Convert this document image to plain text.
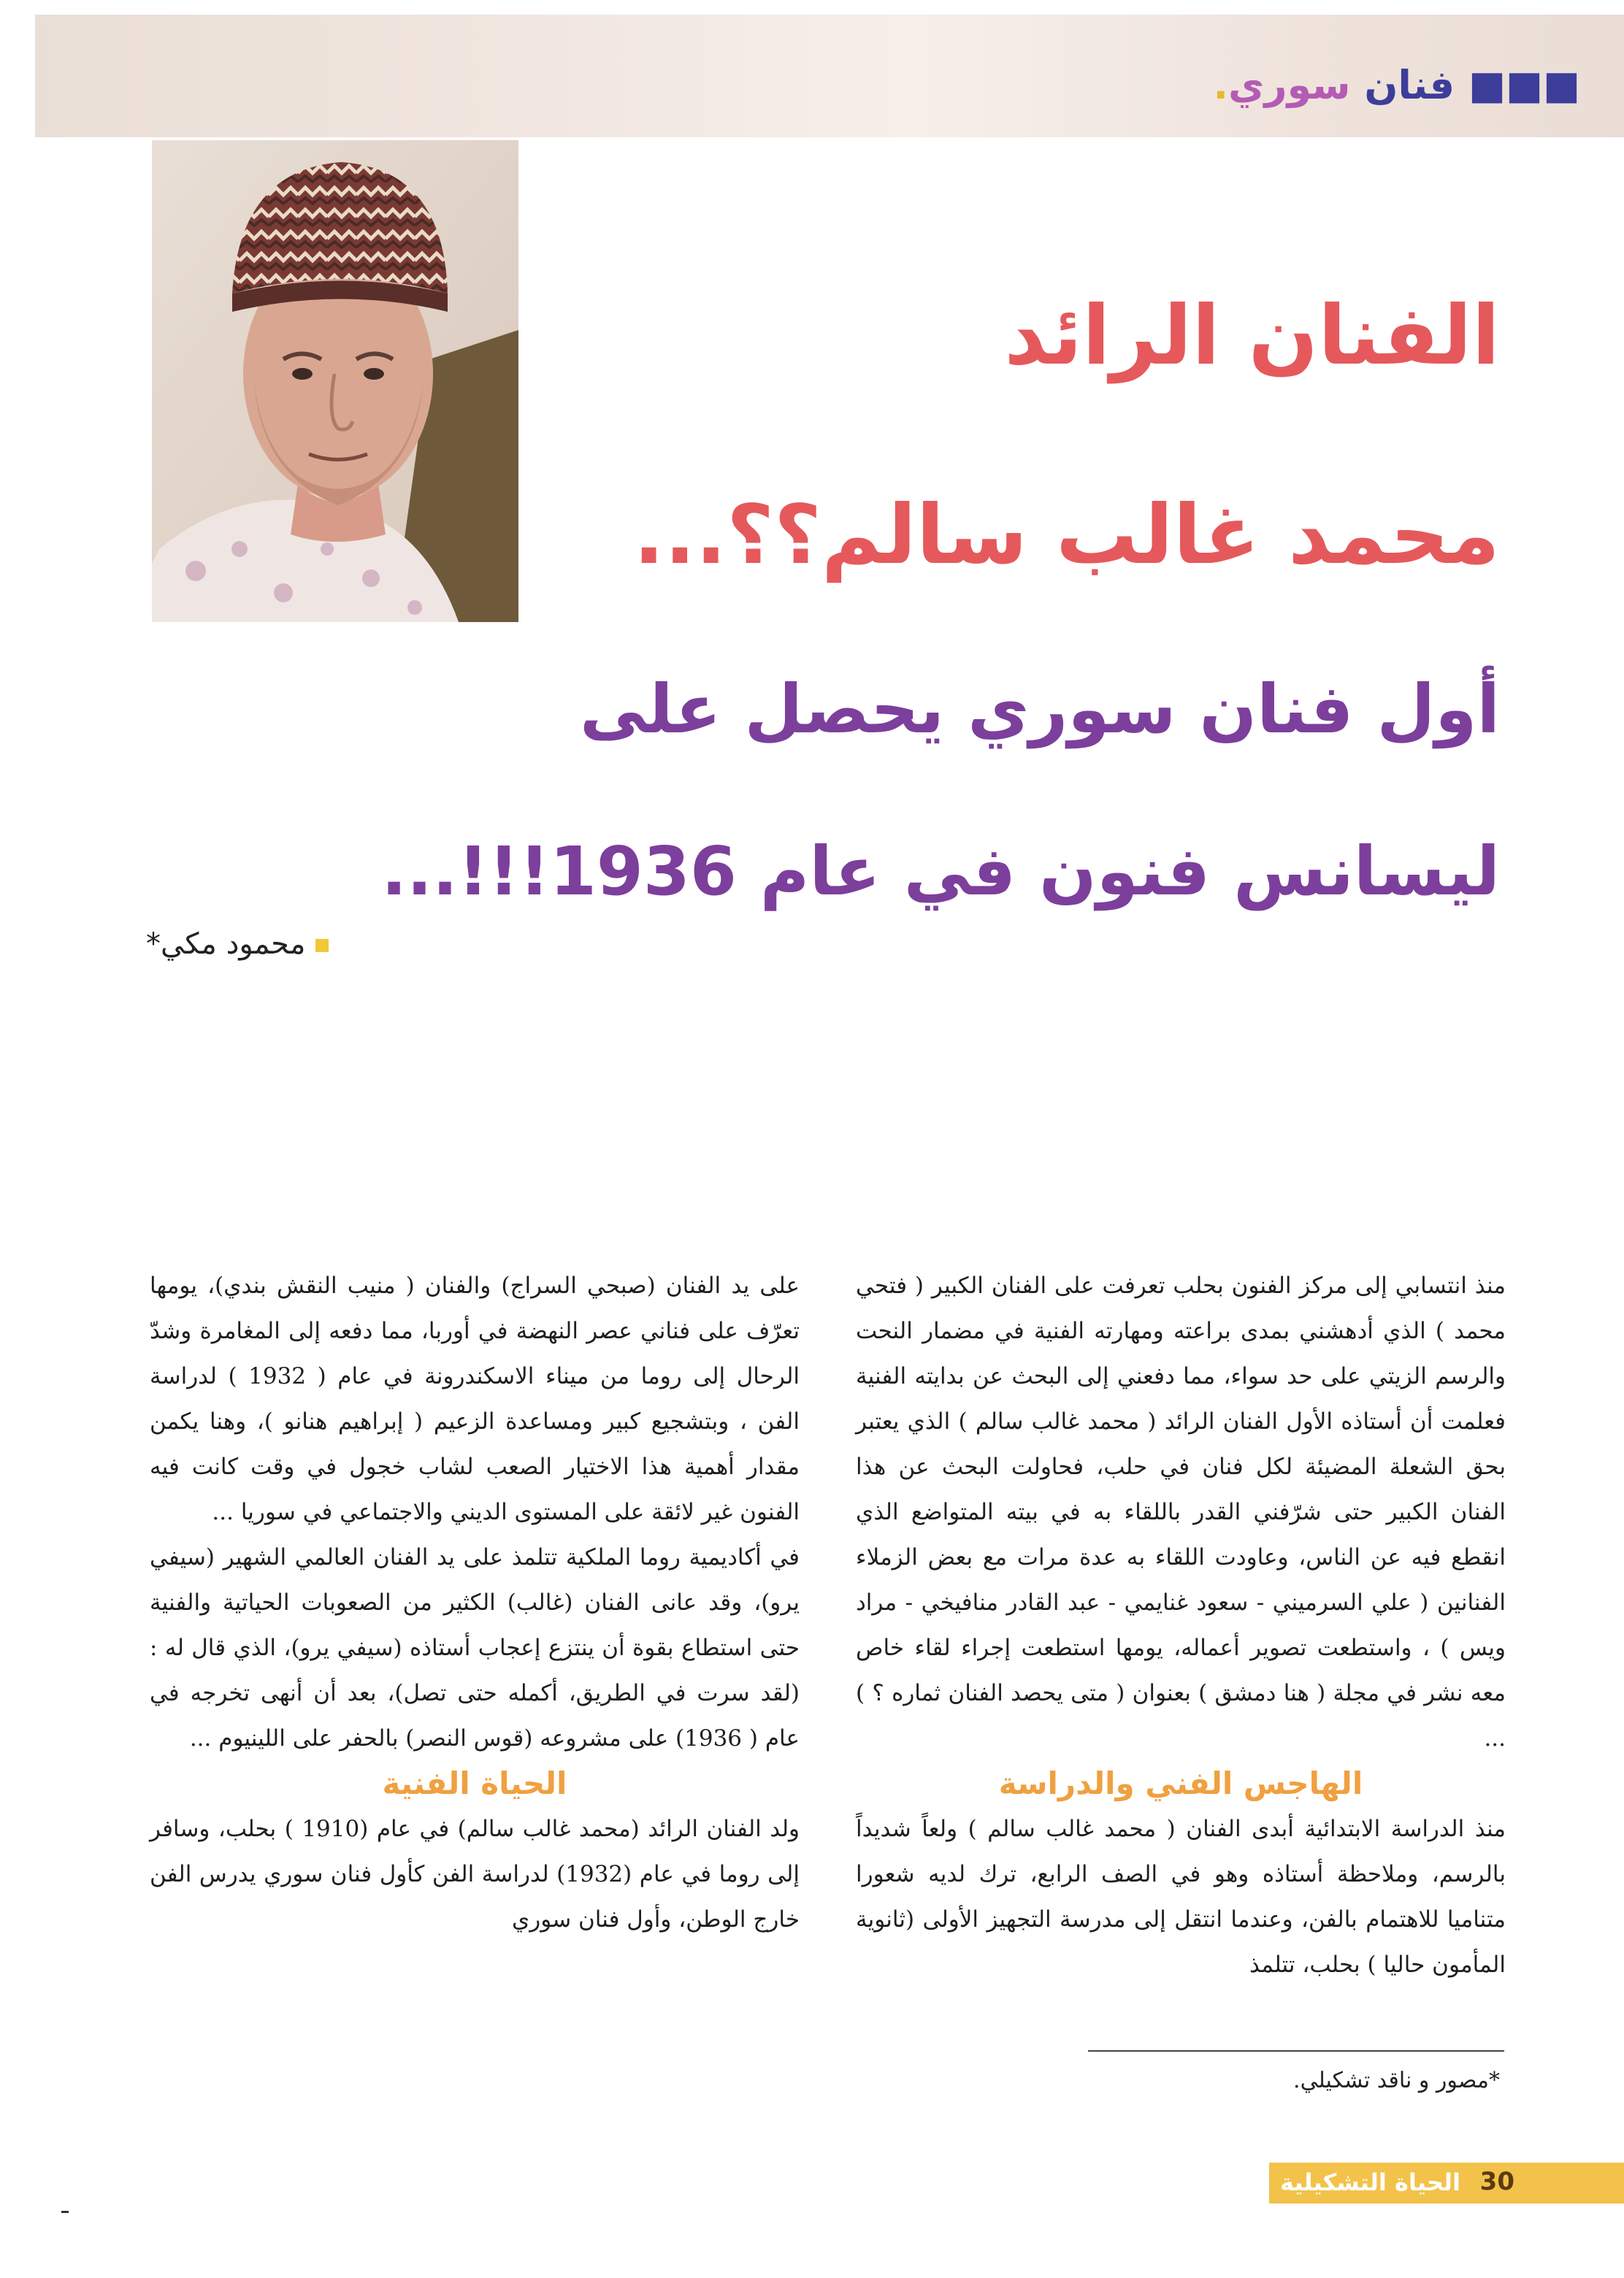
■■■ فنان سوري.
الفنان الرائد
محمد غالب سالم؟؟...
أول فنان سوري يحصل على
ليسانس فنون في عام 1936!!!...
محمود مكي*

منذ انتسابي إلى مركز الفنون بحلب تعرفت على الفنان الكبير ( فتحي محمد ) الذي أدهشني بمدى براعته ومهارته الفنية في مضمار النحت والرسم الزيتي على حد سواء، مما دفعني إلى البحث عن بدايته الفنية فعلمت أن أستاذه الأول الفنان الرائد ( محمد غالب سالم ) الذي يعتبر بحق الشعلة المضيئة لكل فنان في حلب، فحاولت البحث عن هذا الفنان الكبير حتى شرّفني القدر باللقاء به في بيته المتواضع الذي انقطع فيه عن الناس، وعاودت اللقاء به عدة مرات مع بعض الزملاء الفنانين ( علي السرميني - سعود غنايمي - عبد القادر منافيخي - مراد ويس ) ، واستطعت تصوير أعماله، يومها استطعت إجراء لقاء خاص معه نشر في مجلة ( هنا دمشق ) بعنوان ( متى يحصد الفنان ثماره ؟ ) ...

الهاجس الفني والدراسة

منذ الدراسة الابتدائية أبدى الفنان ( محمد غالب سالم ) ولعاً شديداً بالرسم، وملاحظة أستاذه وهو في الصف الرابع، ترك لديه شعورا متناميا للاهتمام بالفن، وعندما انتقل إلى مدرسة التجهيز الأولى (ثانوية المأمون حاليا ) بحلب، تتلمذ

على يد الفنان (صبحي السراج) والفنان ( منيب النقش بندي)، يومها تعرّف على فناني عصر النهضة في أوربا، مما دفعه إلى المغامرة وشدّ الرحال إلى روما من ميناء الاسكندرونة في عام ( 1932 ) لدراسة الفن ، وبتشجيع كبير ومساعدة الزعيم ( إبراهيم هنانو )، وهنا يكمن مقدار أهمية هذا الاختيار الصعب لشاب خجول في وقت كانت فيه الفنون غير لائقة على المستوى الديني والاجتماعي في سوريا ...

في أكاديمية روما الملكية تتلمذ على يد الفنان العالمي الشهير (سيفي يرو)، وقد عانى الفنان (غالب) الكثير من الصعوبات الحياتية والفنية حتى استطاع بقوة أن ينتزع إعجاب أستاذه (سيفي يرو)، الذي قال له : (لقد سرت في الطريق، أكمله حتى تصل)، بعد أن أنهى تخرجه في عام ( 1936) على مشروعه (قوس النصر) بالحفر على اللينيوم ...

الحياة الفنية

ولد الفنان الرائد (محمد غالب سالم) في عام (1910 ) بحلب، وسافر إلى روما في عام (1932) لدراسة الفن كأول فنان سوري يدرس الفن خارج الوطن، وأول فنان سوري

*مصور و ناقد تشكيلي.
30
الحياة التشكيلية
